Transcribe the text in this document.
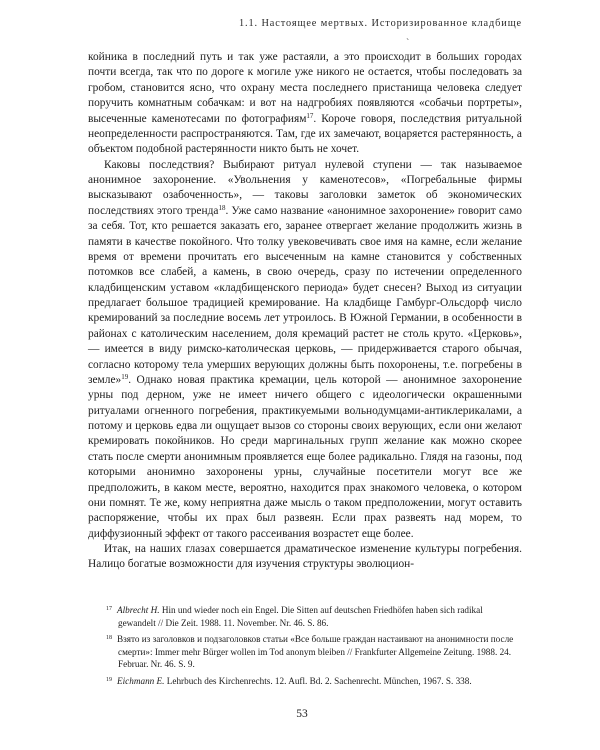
1.1. Настоящее мертвых. Историзированное кладбище
`

койника в последний путь и так уже растаяли, а это происходит в больших городах почти всегда, так что по дороге к могиле уже никого не остается, чтобы последовать за гробом, становится ясно, что охрану места последнего пристанища человека следует поручить комнатным собачкам: и вот на надгробиях появляются «собачьи портреты», высеченные каменотесами по фотографиям$^{17}$. Короче говоря, последствия ритуальной неопределенности распространяются. Там, где их замечают, воцаряется растерянность, а объектом подобной растерянности никто быть не хочет.

Каковы последствия? Выбирают ритуал нулевой ступени — так называемое анонимное захоронение. «Увольнения у каменотесов», «Погребальные фирмы высказывают озабоченность», — таковы заголовки заметок об экономических последствиях этого тренда$^{18}$. Уже само название «анонимное захоронение» говорит само за себя. Тот, кто решается заказать его, заранее отвергает желание продолжить жизнь в памяти в качестве покойного. Что толку увековечивать свое имя на камне, если желание время от времени прочитать его высеченным на камне становится у собственных потомков все слабей, а камень, в свою очередь, сразу по истечении определенного кладбищенским уставом «кладбищенского периода» будет снесен? Выход из ситуации предлагает большое традицией кремирование. На кладбище Гамбург-Ольсдорф число кремирований за последние восемь лет утроилось. В Южной Германии, в особенности в районах с католическим населением, доля кремаций растет не столь круто. «Церковь», — имеется в виду римско-католическая церковь, — придерживается старого обычая, согласно которому тела умерших верующих должны быть похоронены, т.е. погребены в земле»$^{19}$. Однако новая практика кремации, цель которой — анонимное захоронение урны под дерном, уже не имеет ничего общего с идеологически окрашенными ритуалами огненного погребения, практикуемыми вольнодумцами-антиклерикалами, а потому и церковь едва ли ощущает вызов со стороны своих верующих, если они желают кремировать покойников. Но среди маргинальных групп желание как можно скорее стать после смерти анонимным проявляется еще более радикально. Глядя на газоны, под которыми анонимно захоронены урны, случайные посетители могут все же предположить, в каком месте, вероятно, находится прах знакомого человека, о котором они помнят. Те же, кому неприятна даже мысль о таком предположении, могут оставить распоряжение, чтобы их прах был развеян. Если прах развеять над морем, то диффузионный эффект от такого рассеивания возрастет еще более.

Итак, на наших глазах совершается драматическое изменение культуры погребения. Налицо богатые возможности для изучения структуры эволюцион-

$^{17}$ Albrecht H. Hin und wieder noch ein Engel. Die Sitten auf deutschen Friedhöfen haben sich radikal gewandelt // Die Zeit. 1988. 11. November. Nr. 46. S. 86.
$^{18}$ Взято из заголовков и подзаголовков статьи «Все больше граждан настаивают на анонимности после смерти»: Immer mehr Bürger wollen im Tod anonym bleiben // Frankfurter Allgemeine Zeitung. 1988. 24. Februar. Nr. 46. S. 9.
$^{19}$ Eichmann E. Lehrbuch des Kirchenrechts. 12. Aufl. Bd. 2. Sachenrecht. München, 1967. S. 338.
53
